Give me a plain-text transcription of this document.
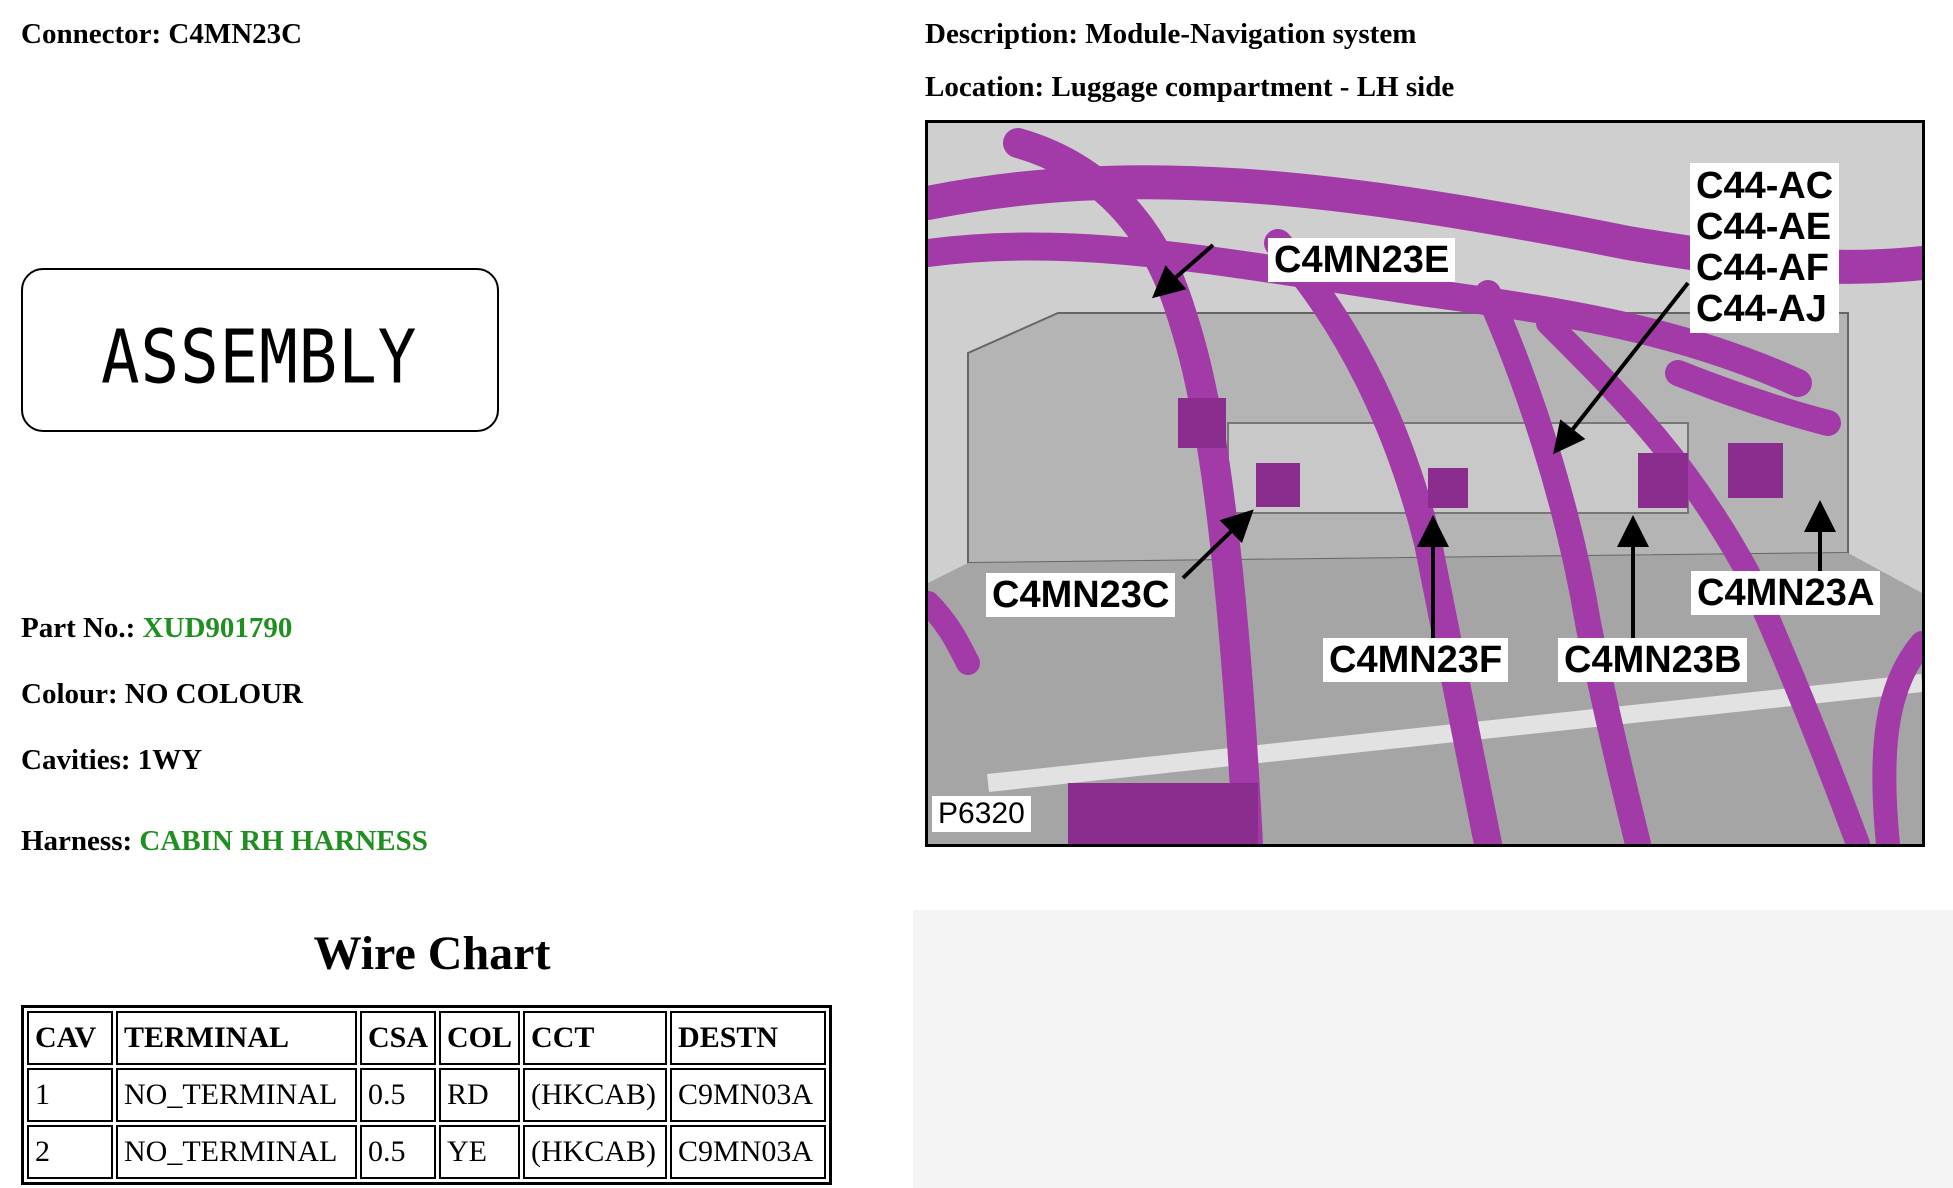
Connector: C4MN23C
ASSEMBLY
Part No.: XUD901790
Colour: NO COLOUR
Cavities: 1WY
Harness: CABIN RH HARNESS
Wire Chart
CAV	TERMINAL	CSA	COL	CCT	DESTN
1	NO_TERMINAL	0.5	RD	(HKCAB)	C9MN03A
2	NO_TERMINAL	0.5	YE	(HKCAB)	C9MN03A
Description: Module-Navigation system
Location: Luggage compartment - LH side
C4MN23E
C44-AC
C44-AE
C44-AF
C44-AJ
C4MN23C
C4MN23F C4MN23B
C4MN23A
P6320
